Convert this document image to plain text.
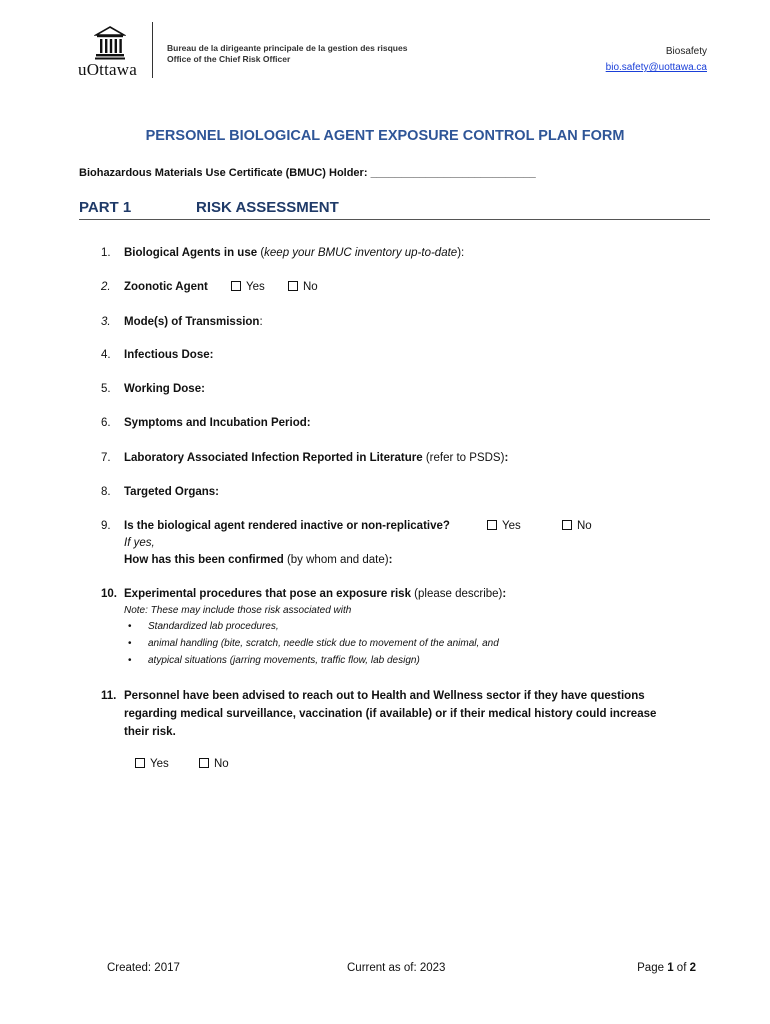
uOttawa
Bureau de la dirigeante principale de la gestion des risques
Office of the Chief Risk Officer
Biosafety
bio.safety@uottawa.ca
PERSONEL BIOLOGICAL AGENT EXPOSURE CONTROL PLAN FORM
Biohazardous Materials Use Certificate (BMUC) Holder: ___________________________
PART 1	RISK ASSESSMENT
1. Biological Agents in use (keep your BMUC inventory up-to-date):
2. Zoonotic Agent	Yes	No
3. Mode(s) of Transmission:
4. Infectious Dose:
5. Working Dose:
6. Symptoms and Incubation Period:
7. Laboratory Associated Infection Reported in Literature (refer to PSDS):
8. Targeted Organs:
9. Is the biological agent rendered inactive or non-replicative?	Yes	No
If yes,
How has this been confirmed (by whom and date):
10. Experimental procedures that pose an exposure risk (please describe):
Note: These may include those risk associated with
• Standardized lab procedures,
• animal handling (bite, scratch, needle stick due to movement of the animal, and
• atypical situations (jarring movements, traffic flow, lab design)
11. Personnel have been advised to reach out to Health and Wellness sector if they have questions
regarding medical surveillance, vaccination (if available) or if their medical history could increase
their risk.
Yes	No
Created: 2017	Current as of: 2023	Page 1 of 2
